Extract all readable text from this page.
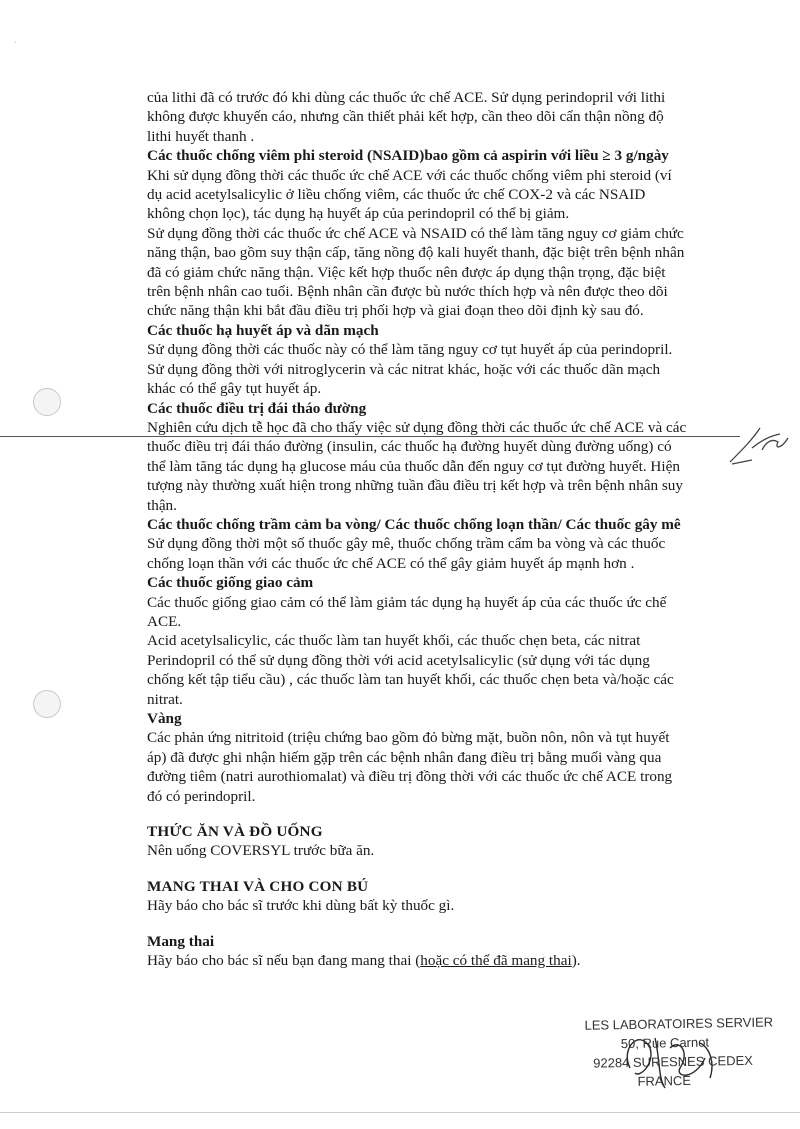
·

của lithi đã có trước đó khi dùng các thuốc ức chế ACE. Sử dụng perindopril với lithi không được khuyến cáo, nhưng cần thiết phải kết hợp, cần theo dõi cẩn thận nồng độ lithi huyết thanh .

Các thuốc chống viêm phi steroid (NSAID)bao gồm cả aspirin với liều ≥ 3 g/ngày

Khi sử dụng đồng thời các thuốc ức chế ACE với các thuốc chống viêm phi steroid (ví dụ acid acetylsalicylic ở liều chống viêm, các thuốc ức chế COX-2 và các NSAID không chọn lọc), tác dụng hạ huyết áp của perindopril có thể bị giảm.

Sử dụng đồng thời các thuốc ức chế ACE và NSAID có thể làm tăng nguy cơ giảm chức năng thận, bao gồm suy thận cấp, tăng nồng độ kali huyết thanh, đặc biệt trên bệnh nhân đã có giảm chức năng thận. Việc kết hợp thuốc nên được áp dụng thận trọng, đặc biệt trên bệnh nhân cao tuổi. Bệnh nhân cần được bù nước thích hợp và nên được theo dõi chức năng thận khi bắt đầu điều trị phối hợp và giai đoạn theo dõi định kỳ sau đó.

Các thuốc hạ huyết áp và dãn mạch

Sử dụng đồng thời các thuốc này có thể làm tăng nguy cơ tụt huyết áp của perindopril. Sử dụng đồng thời với nitroglycerin và các nitrat khác, hoặc với các thuốc dãn mạch khác có thể gây tụt huyết áp.

Các thuốc điều trị đái tháo đường

Nghiên cứu dịch tễ học đã cho thấy việc sử dụng đồng thời các thuốc ức chế ACE và các thuốc điều trị đái tháo đường (insulin, các thuốc hạ đường huyết dùng đường uống) có thể làm tăng tác dụng hạ glucose máu của thuốc dẫn đến nguy cơ tụt đường huyết. Hiện tượng này thường xuất hiện trong những tuần đầu điều trị kết hợp và trên bệnh nhân suy thận.

Các thuốc chống trầm cảm ba vòng/ Các thuốc chống loạn thần/ Các thuốc gây mê

Sử dụng đồng thời một số thuốc gây mê, thuốc chống trầm cẩm ba vòng và các thuốc chống loạn thần với các thuốc ức chế ACE có thể gây giảm huyết áp mạnh hơn .

Các thuốc giống giao cảm

Các thuốc giống giao cảm có thể làm giảm tác dụng hạ huyết áp của các thuốc ức chế ACE.

Acid acetylsalicylic, các thuốc làm tan huyết khối, các thuốc chẹn beta, các nitrat Perindopril có thể sử dụng đồng thời với acid acetylsalicylic (sử dụng với tác dụng chống kết tập tiểu cầu) , các thuốc làm tan huyết khối, các thuốc chẹn beta và/hoặc các nitrat.

Vàng

Các phản ứng nitritoid (triệu chứng bao gồm đỏ bừng mặt, buồn nôn, nôn và tụt huyết áp) đã được ghi nhận hiếm gặp trên các bệnh nhân đang điều trị bằng muối vàng qua đường tiêm (natri aurothiomalat) và điều trị đồng thời với các thuốc ức chế ACE trong đó có perindopril.

THỨC ĂN VÀ ĐỒ UỐNG

Nên uống COVERSYL trước bữa ăn.

MANG THAI VÀ CHO CON BÚ

Hãy báo cho bác sĩ trước khi dùng bất kỳ thuốc gì.

Mang thai

Hãy báo cho bác sĩ nếu bạn đang mang thai (hoặc có thể đã mang thai).

LES LABORATOIRES SERVIER
50, Rue Carnot
92284 SURESNES CEDEX
FRANCE
